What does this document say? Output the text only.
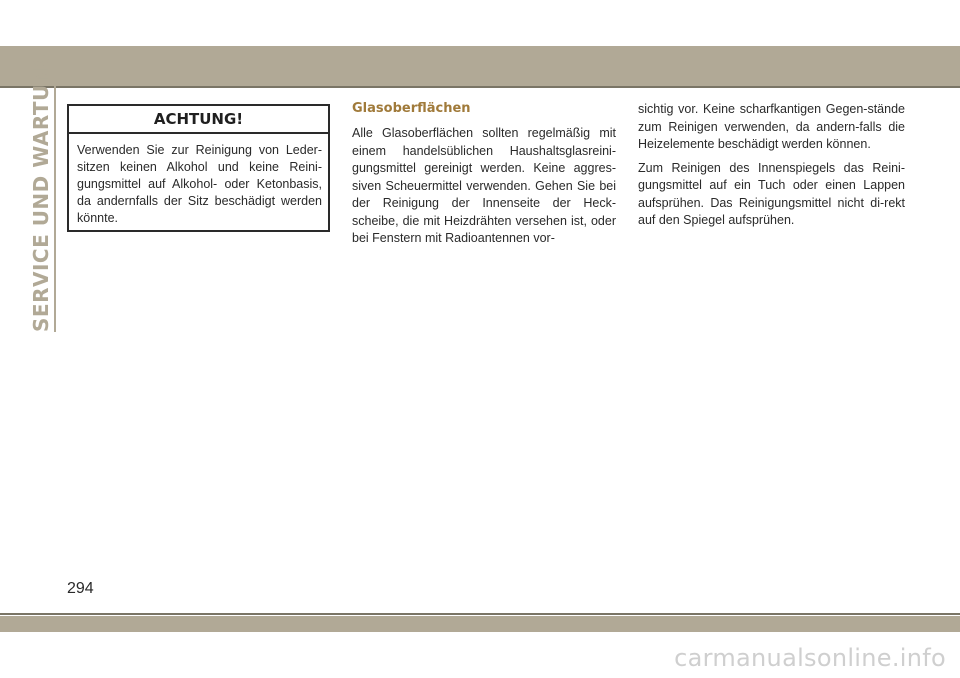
SERVICE UND WARTUNG	ACHTUNG!
Verwenden Sie zur Reinigung von Leder-sitzen keinen Alkohol und keine Reini-gungsmittel auf Alkohol- oder Ketonbasis, da andernfalls der Sitz beschädigt werden könnte.
Glasoberflächen

Alle Glasoberflächen sollten regelmäßig mit einem handelsüblichen Haushaltsglasreini-gungsmittel gereinigt werden. Keine aggres-siven Scheuermittel verwenden. Gehen Sie bei der Reinigung der Innenseite der Heck-scheibe, die mit Heizdrähten versehen ist, oder bei Fenstern mit Radioantennen vor-

sichtig vor. Keine scharfkantigen Gegen-stände zum Reinigen verwenden, da andern-falls die Heizelemente beschädigt werden können.

Zum Reinigen des Innenspiegels das Reini-gungsmittel auf ein Tuch oder einen Lappen aufsprühen. Das Reinigungsmittel nicht di-rekt auf den Spiegel aufsprühen.

294
carmanualsonline.info
